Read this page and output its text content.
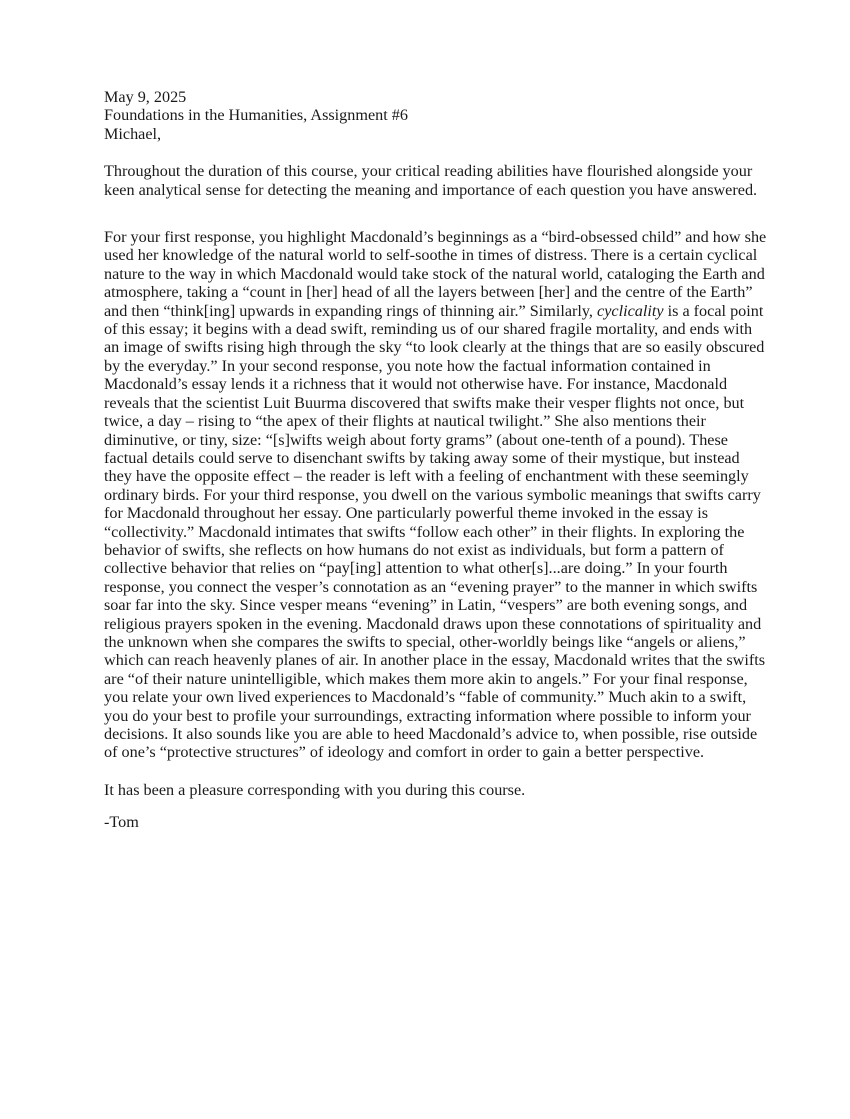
May 9, 2025
Foundations in the Humanities, Assignment #6

Michael,

Throughout the duration of this course, your critical reading abilities have flourished alongside your keen analytical sense for detecting the meaning and importance of each question you have answered.

For your first response, you highlight Macdonald’s beginnings as a “bird-obsessed child” and how she used her knowledge of the natural world to self-soothe in times of distress. There is a certain cyclical nature to the way in which Macdonald would take stock of the natural world, cataloging the Earth and atmosphere, taking a “count in [her] head of all the layers between [her] and the centre of the Earth” and then “think[ing] upwards in expanding rings of thinning air.” Similarly, cyclicality is a focal point of this essay; it begins with a dead swift, reminding us of our shared fragile mortality, and ends with an image of swifts rising high through the sky “to look clearly at the things that are so easily obscured by the everyday.” In your second response, you note how the factual information contained in Macdonald’s essay lends it a richness that it would not otherwise have. For instance, Macdonald reveals that the scientist Luit Buurma discovered that swifts make their vesper flights not once, but twice, a day – rising to “the apex of their flights at nautical twilight.” She also mentions their diminutive, or tiny, size: “[s]wifts weigh about forty grams” (about one-tenth of a pound). These factual details could serve to disenchant swifts by taking away some of their mystique, but instead they have the opposite effect – the reader is left with a feeling of enchantment with these seemingly ordinary birds. For your third response, you dwell on the various symbolic meanings that swifts carry for Macdonald throughout her essay. One particularly powerful theme invoked in the essay is “collectivity.” Macdonald intimates that swifts “follow each other” in their flights. In exploring the behavior of swifts, she reflects on how humans do not exist as individuals, but form a pattern of collective behavior that relies on “pay[ing] attention to what other[s]...are doing.” In your fourth response, you connect the vesper’s connotation as an “evening prayer” to the manner in which swifts soar far into the sky. Since vesper means “evening” in Latin, “vespers” are both evening songs, and religious prayers spoken in the evening. Macdonald draws upon these connotations of spirituality and the unknown when she compares the swifts to special, other-worldly beings like “angels or aliens,” which can reach heavenly planes of air. In another place in the essay, Macdonald writes that the swifts are “of their nature unintelligible, which makes them more akin to angels.” For your final response, you relate your own lived experiences to Macdonald’s “fable of community.” Much akin to a swift, you do your best to profile your surroundings, extracting information where possible to inform your decisions. It also sounds like you are able to heed Macdonald’s advice to, when possible, rise outside of one’s “protective structures” of ideology and comfort in order to gain a better perspective.

It has been a pleasure corresponding with you during this course.

-Tom
